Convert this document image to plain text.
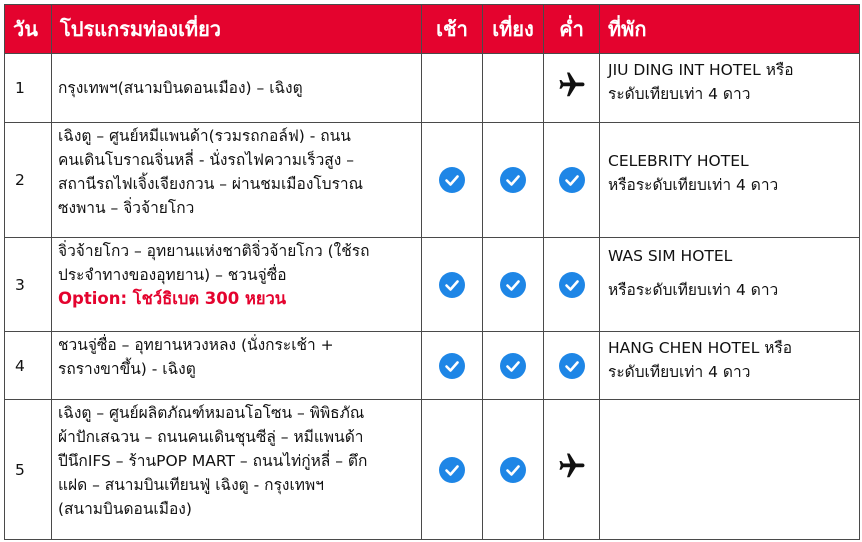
วัน	โปรแกรมท่องเที่ยว	เช้า	เที่ยง	ค่ำ	ที่พัก
1	กรุงเทพฯ(สนามบินดอนเมือง) – เฉิงตู				JIU DING INT HOTEL หรือ
ระดับเทียบเท่า 4 ดาว

2	เฉิงตู – ศูนย์หมีแพนด้า(รวมรถกอล์ฟ) - ถนน
คนเดินโบราณจิ่นหลี่ - นั่งรถไฟความเร็วสูง –
สถานีรถไฟเจิ้งเจียงกวน – ผ่านชมเมืองโบราณ
ซงพาน – จิ่วจ้ายโกว				CELEBRITY HOTEL
หรือระดับเทียบเท่า 4 ดาว

3	จิ่วจ้ายโกว – อุทยานแห่งชาติจิ่วจ้ายโกว (ใช้รถ
ประจำทางของอุทยาน) – ชวนจู่ซื่อ
Option: โชว์ธิเบต 300 หยวน				WAS SIM HOTEL
หรือระดับเทียบเท่า 4 ดาว

4	ชวนจู่ซื่อ – อุทยานหวงหลง (นั่งกระเช้า +
รถรางขาขึ้น) - เฉิงตู				HANG CHEN HOTEL หรือ
ระดับเทียบเท่า 4 ดาว

5	เฉิงตู – ศูนย์ผลิตภัณฑ์หมอนโอโซน – พิพิธภัณ
ผ้าปักเสฉวน – ถนนคนเดินชุนซีลู่ – หมีแพนด้า
ปีนึกIFS – ร้านPOP MART – ถนนไท่กู่หลี่ – ตึก
แฝด – สนามบินเทียนฟู่ เฉิงตู - กรุงเทพฯ
(สนามบินดอนเมือง)
